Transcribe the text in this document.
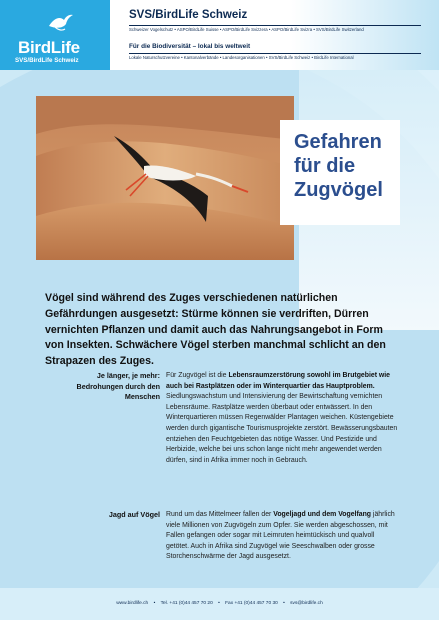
BirdLife
SVS/BirdLife Schweiz
SVS/BirdLife Schweiz
Schweizer Vogelschutz • ASPO/BirdLife Suisse • ASPO/BirdLife Svizzera • ASPO/BirdLife Svizra • SVS/BirdLife Switzerland
Für die Biodiversität – lokal bis weltweit
Lokale Naturschutzvereine • Kantonalverbände • Landesorganisationen • SVS/BirdLife Schweiz • BirdLife International
Gefahren
für die
Zugvögel
Vögel sind während des Zuges verschiedenen natürlichen Gefährdungen ausgesetzt: Stürme können sie verdriften, Dürren vernichten Pflanzen und damit auch das Nahrungsangebot in Form von Insekten. Schwächere Vögel sterben manchmal schlicht an den Strapazen des Zuges.
Je länger, je mehr:
Bedrohungen durch den
Menschen
Für Zugvögel ist die Lebensraumzerstörung sowohl im Brutgebiet wie auch bei Rastplätzen oder im Winterquartier das Hauptproblem. Siedlungswachstum und Intensivierung der Bewirtschaftung vernichten Lebensräume. Rastplätze werden überbaut oder entwässert. In den Winterquartieren müssen Regenwälder Plantagen weichen. Küstengebiete werden durch gigantische Tourismusprojekte zerstört. Bewässerungsbauten entziehen den Feuchtgebieten das nötige Wasser. Und Pestizide und Herbizide, welche bei uns schon lange nicht mehr angewendet werden dürfen, sind in Afrika immer noch in Gebrauch.
Jagd auf Vögel Rund um das Mittelmeer fallen der Vogeljagd und dem Vogelfang jährlich viele Millionen von Zugvögeln zum Opfer. Sie werden abgeschossen, mit Fallen gefangen oder sogar mit Leimruten heimtückisch und qualvoll getötet. Auch in Afrika sind Zugvögel wie Seeschwalben oder grosse Storchenschwärme der Jagd ausgesetzt.
www.birdlife.ch • Tel. +41 (0)44 457 70 20 • Fax +41 (0)44 457 70 30 • svs@birdlife.ch
